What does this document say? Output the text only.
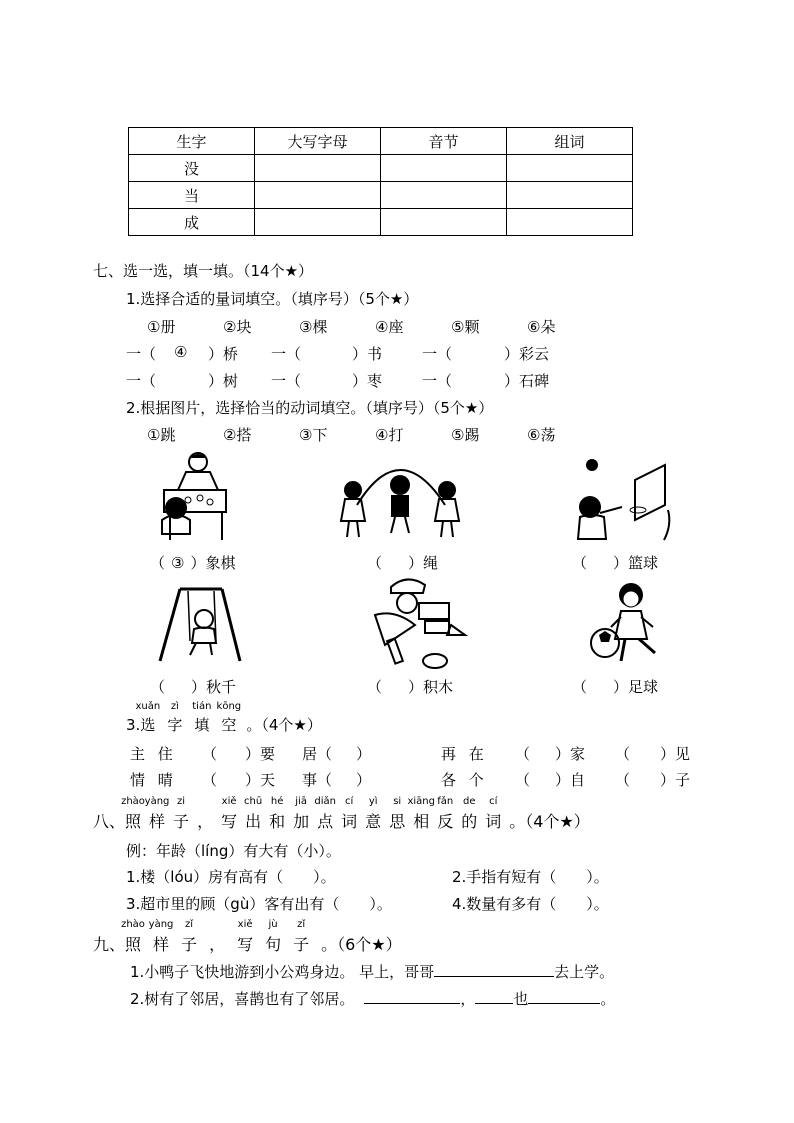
生字	大写字母	音节	组词
没			
当			
成			
七、选一选，填一填。（14个★）
1.选择合适的量词填空。（填序号）（5个★）
①册	②块	③棵	④座	⑤颗	⑥朵
一（ ④ ）桥 一（	）书	一（	）彩云
一（	）树 一（	）枣	一（	）石碑
2.根据图片，选择恰当的动词填空。（填序号）（5个★）
①跳	②搭	③下	④打	⑤踢	⑥荡
（ ③ ）象棋	（ ）绳	（ ）篮球
（ ）秋千	（ ）积木	（ ）足球
3.
xuǎn
选
zì
字
tián
填
kōng
空 。（4个★）
主 住 （ ）要 居（ ）	再 在 （ ）家 （ ）见
情 晴 （ ）天 事（ ）	各 个 （ ）自 （ ）子
八、
zhào
照
yàng
样
zi
子 ，
xiě
写
chū
出
hé
和
jiā
加
diǎn
点
cí
词
yì
意
si
思
xiāng
相
fǎn
反
de
的
cí
词 。（4个★）
例：年龄（líng）有大有（小）。
1.楼（lóu）房有高有（　　）。	2.手指有短有（　　）。
3.超市里的顾（gù）客有出有（　　）。	4.数量有多有（　　）。
九、
zhào
照
yàng
样
zǐ
子 ，
xiě
写
jù
句
zǐ
子 。（6个★）
1.小鸭子飞快地游到小公鸡身边。 早上，哥哥	去上学。
2.树有了邻居，喜鹊也有了邻居。	，	也	。
